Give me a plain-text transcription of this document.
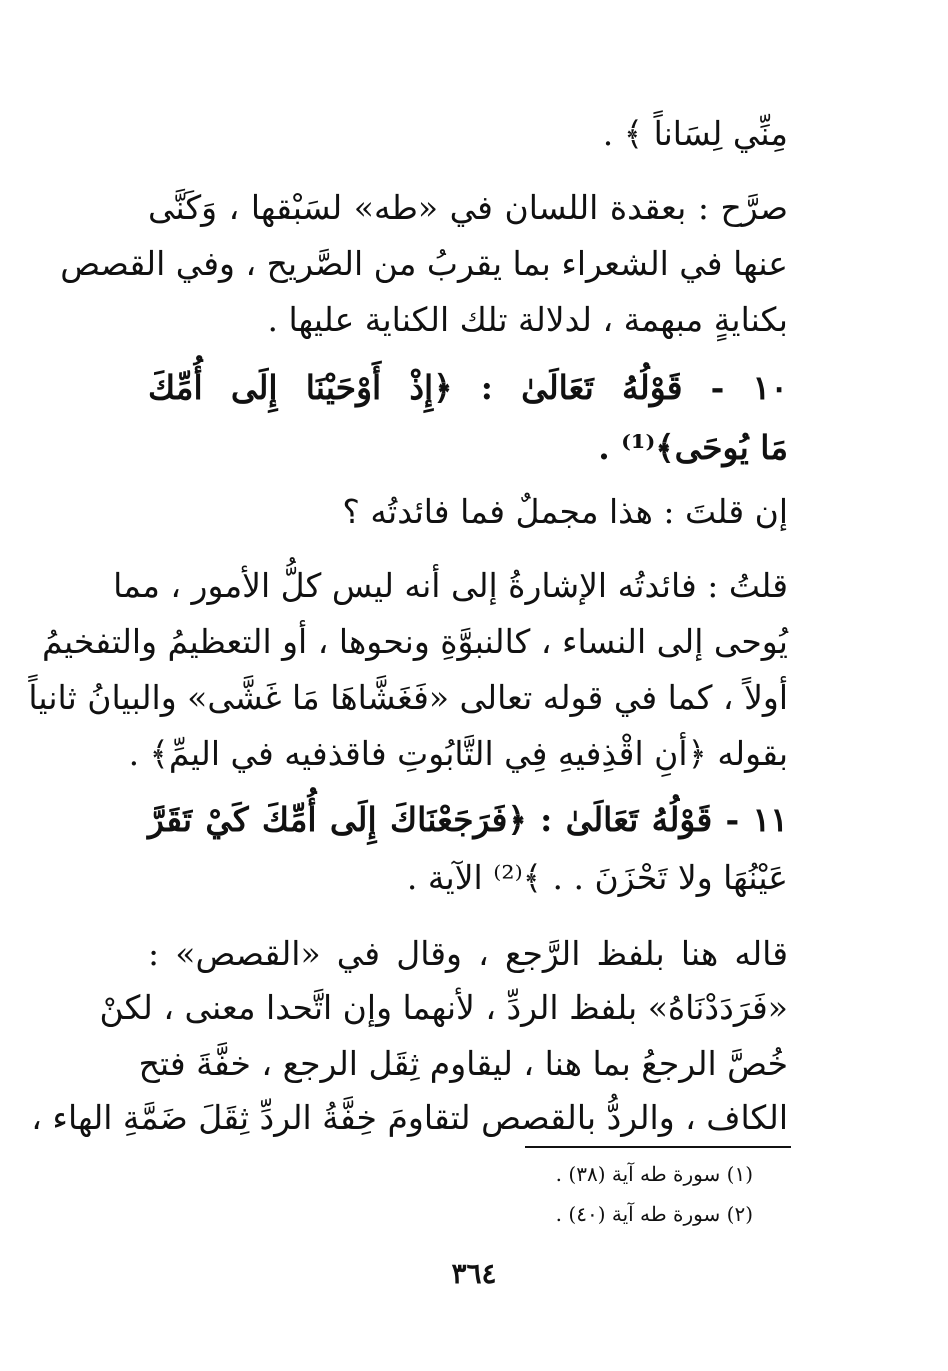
مِنِّي لِسَاناً ﴾ .
صرَّح : بعقدة اللسان في «طه» لسَبْقها ، وَكَنَّى
عنها في الشعراء بما يقربُ من الصَّريح ، وفي القصص
بكنايةٍ مبهمة ، لدلالة تلك الكناية عليها .
١٠ - قَوْلُهُ تَعَالَىٰ : ﴿إِذْ أَوْحَيْنَا إِلَى أُمِّكَ
مَا يُوحَى﴾⁽¹⁾ .
إن قلتَ : هذا مجملٌ فما فائدتُه ؟
قلتُ : فائدتُه الإشارةُ إلى أنه ليس كلُّ الأمور ، مما
يُوحى إلى النساء ، كالنبوَّةِ ونحوها ، أو التعظيمُ والتفخيمُ
أولاً ، كما في قوله تعالى «فَغَشَّاهَا مَا غَشَّى» والبيانُ ثانياً
بقوله ﴿أنِ اقْذِفيهِ فِي التَّابُوتِ فاقذفيه في اليمِّ﴾ .
١١ - قَوْلُهُ تَعَالَىٰ : ﴿فَرَجَعْنَاكَ إِلَى أُمِّكَ كَيْ تَقَرَّ
عَيْنُهَا ولا تَحْزَنَ . . ﴾⁽²⁾ الآية .
قاله هنا بلفظ الرَّجع ، وقال في «القصص» :
«فَرَدَدْنَاهُ» بلفظ الردِّ ، لأنهما وإن اتَّحدا معنى ، لكنْ
خُصَّ الرجعُ بما هنا ، ليقاوم ثِقَل الرجع ، خفَّةَ فتح
الكاف ، والردُّ بالقصص لتقاومَ خِفَّةُ الردِّ ثِقَلَ ضَمَّةِ الهاء ،
(١) سورة طه آية (٣٨) .
(٢) سورة طه آية (٤٠) .
٣٦٤
